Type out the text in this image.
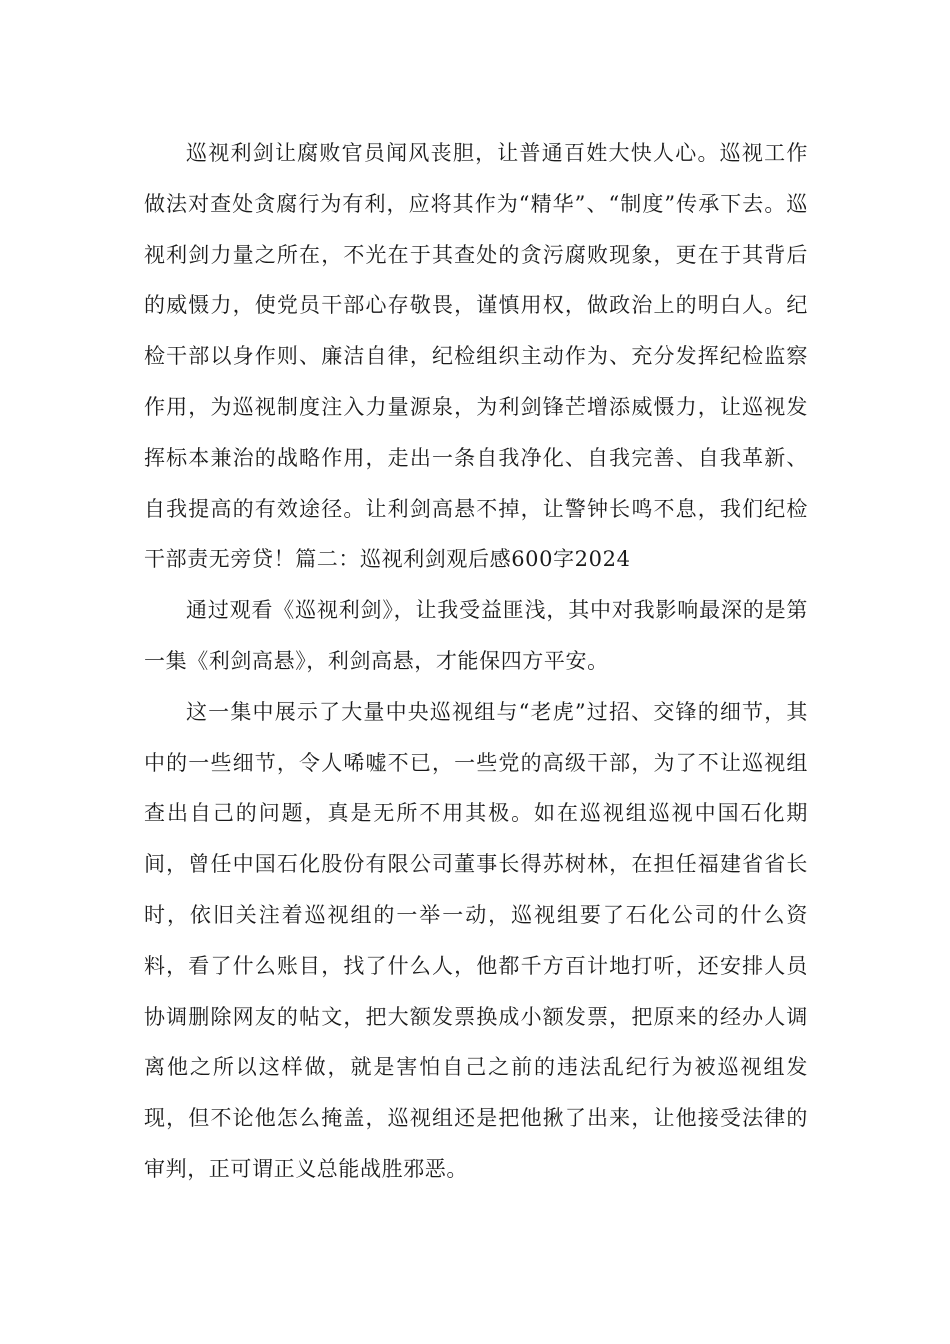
巡视利剑让腐败官员闻风丧胆，让普通百姓大快人心。巡视工作做法对查处贪腐行为有利，应将其作为“精华”、“制度”传承下去。巡视利剑力量之所在，不光在于其查处的贪污腐败现象，更在于其背后的威慑力，使党员干部心存敬畏，谨慎用权，做政治上的明白人。纪检干部以身作则、廉洁自律，纪检组织主动作为、充分发挥纪检监察作用，为巡视制度注入力量源泉，为利剑锋芒增添威慑力，让巡视发挥标本兼治的战略作用，走出一条自我净化、自我完善、自我革新、自我提高的有效途径。让利剑高悬不掉，让警钟长鸣不息，我们纪检干部责无旁贷！篇二：巡视利剑观后感600字2024

通过观看《巡视利剑》，让我受益匪浅，其中对我影响最深的是第一集《利剑高悬》，利剑高悬，才能保四方平安。

这一集中展示了大量中央巡视组与“老虎”过招、交锋的细节，其中的一些细节，令人唏嘘不已，一些党的高级干部，为了不让巡视组查出自己的问题，真是无所不用其极。如在巡视组巡视中国石化期间，曾任中国石化股份有限公司董事长得苏树林，在担任福建省省长时，依旧关注着巡视组的一举一动，巡视组要了石化公司的什么资料，看了什么账目，找了什么人，他都千方百计地打听，还安排人员协调删除网友的帖文，把大额发票换成小额发票，把原来的经办人调离他之所以这样做，就是害怕自己之前的违法乱纪行为被巡视组发现，但不论他怎么掩盖，巡视组还是把他揪了出来，让他接受法律的审判，正可谓正义总能战胜邪恶。
